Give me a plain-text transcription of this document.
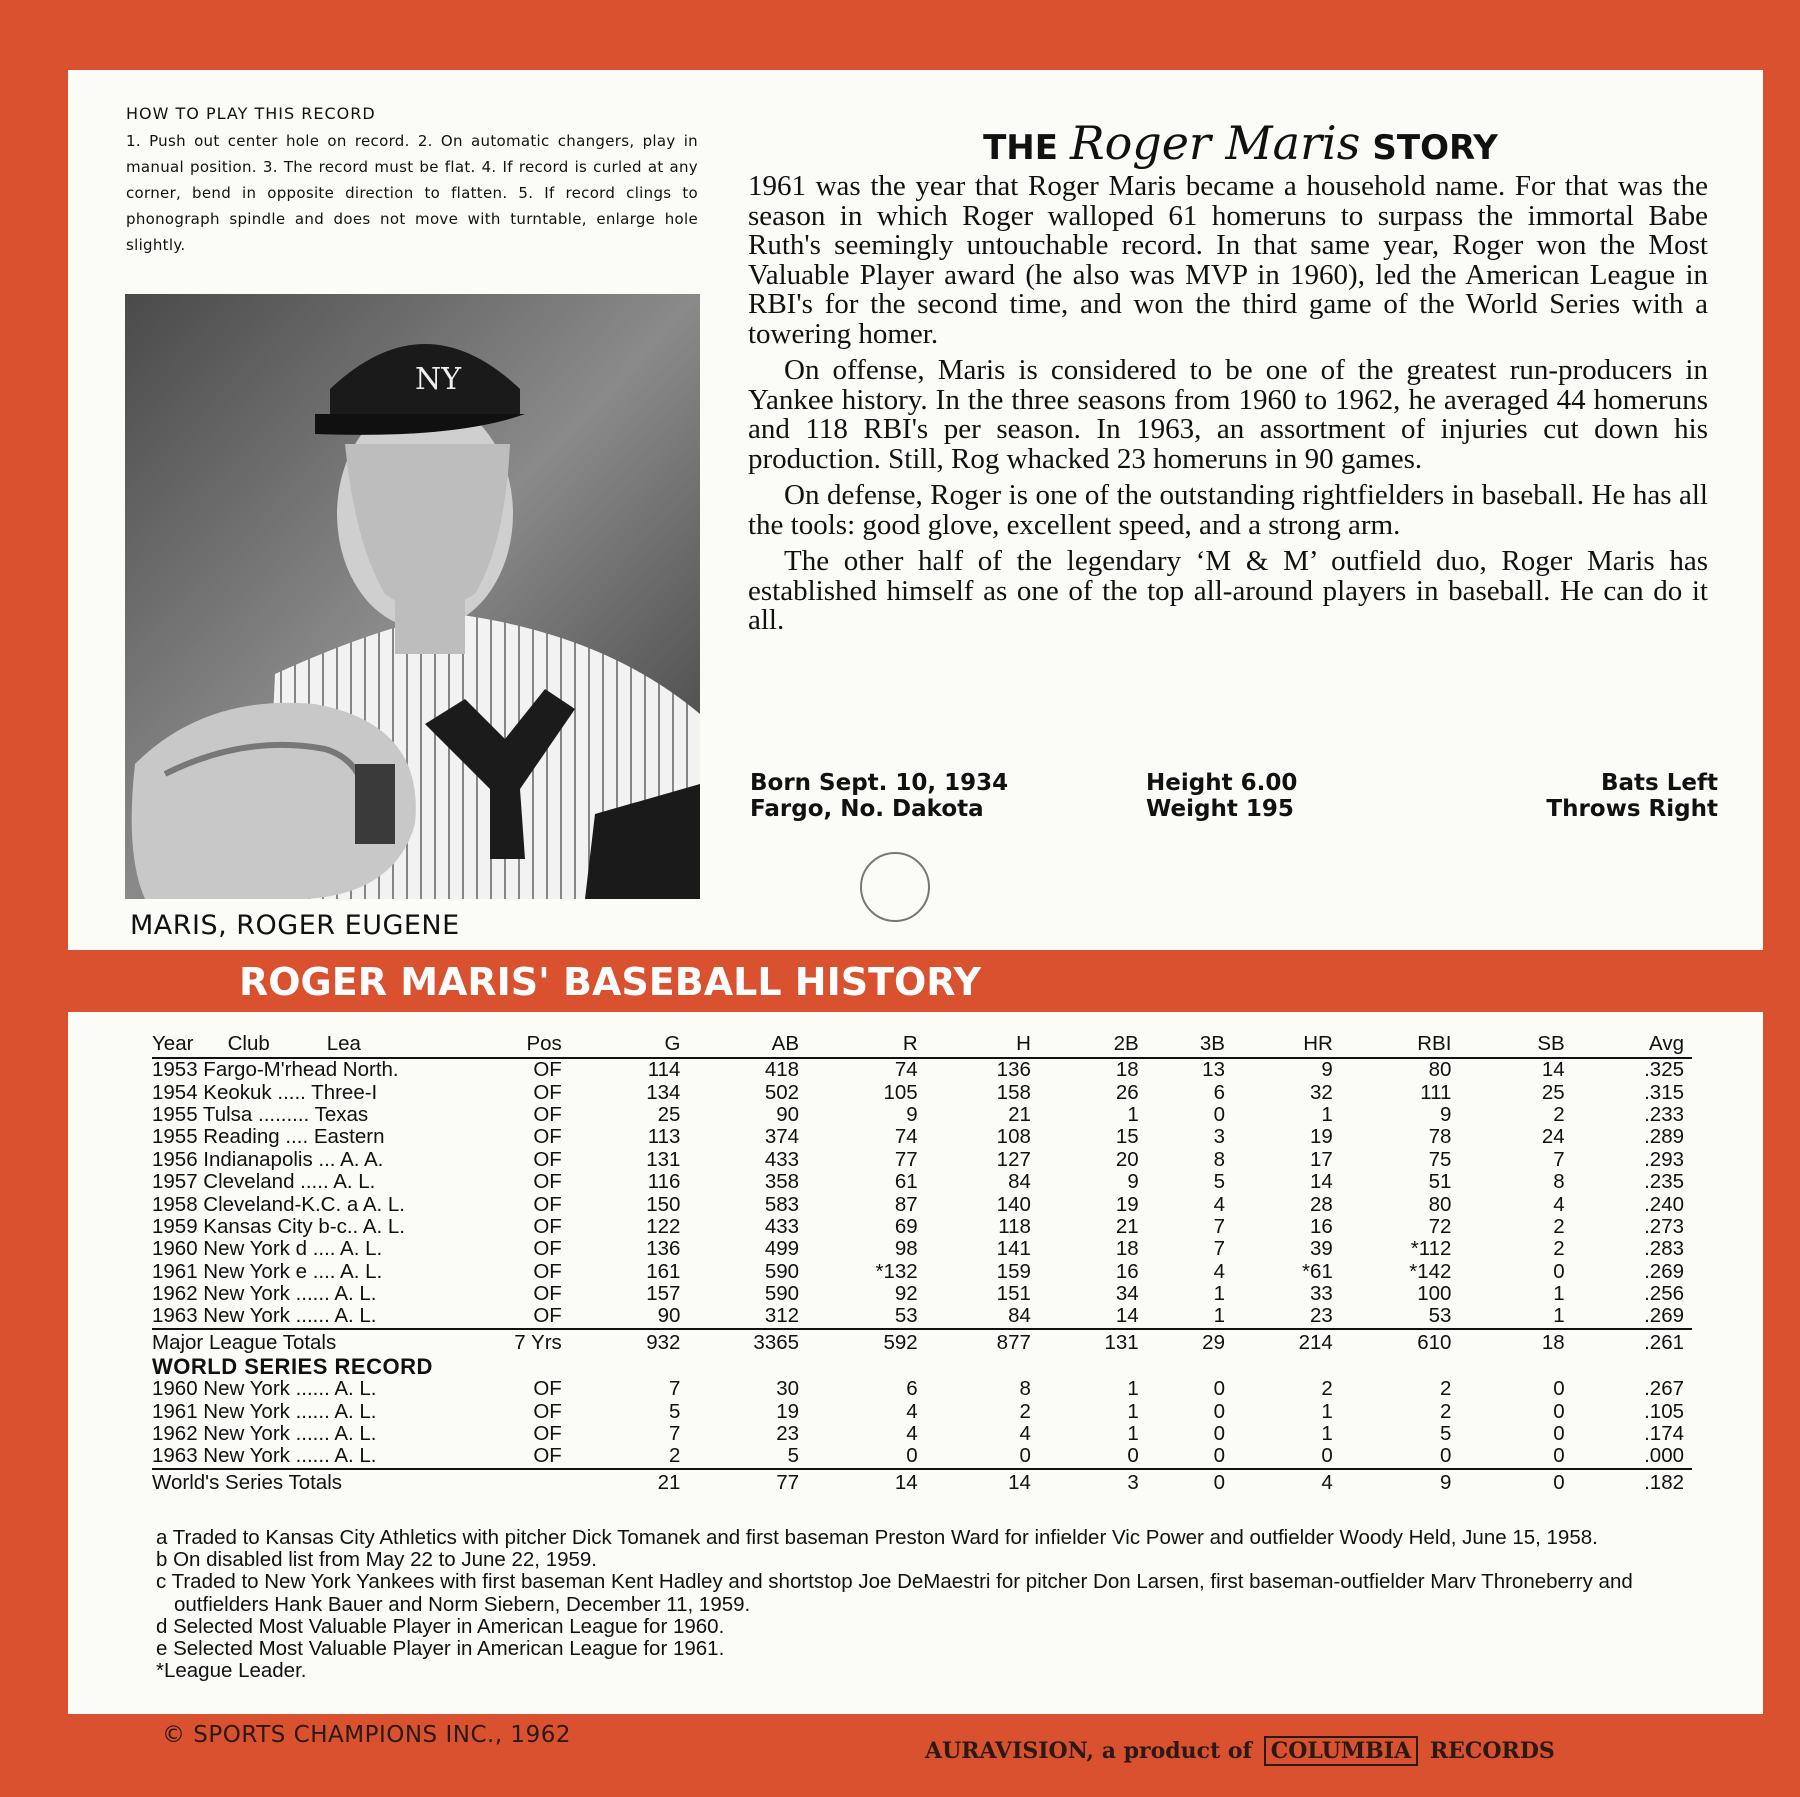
HOW TO PLAY THIS RECORD
1. Push out center hole on record. 2. On automatic changers, play in manual position. 3. The record must be flat. 4. If record is curled at any corner, bend in opposite direction to flatten. 5. If record clings to phonograph spindle and does not move with turntable, enlarge hole slightly.
NY
MARIS, ROGER EUGENE
THE Roger Maris STORY

1961 was the year that Roger Maris became a household name. For that was the season in which Roger walloped 61 homeruns to surpass the immortal Babe Ruth's seemingly untouchable record. In that same year, Roger won the Most Valuable Player award (he also was MVP in 1960), led the American League in RBI's for the second time, and won the third game of the World Series with a towering homer.

On offense, Maris is considered to be one of the greatest run-producers in Yankee history. In the three seasons from 1960 to 1962, he averaged 44 homeruns and 118 RBI's per season. In 1963, an assortment of injuries cut down his production. Still, Rog whacked 23 homeruns in 90 games.

On defense, Roger is one of the outstanding rightfielders in baseball. He has all the tools: good glove, excellent speed, and a strong arm.

The other half of the legendary ‘M & M’ outfield duo, Roger Maris has established himself as one of the top all-around players in baseball. He can do it all.

Born Sept. 10, 1934
Fargo, No. Dakota
Height 6.00
Weight 195
Bats Left
Throws Right
ROGER MARIS' BASEBALL HISTORY
Year      Club          Lea	Pos	G	AB	R	H	2B	3B	HR	RBI	SB	Avg
1953 Fargo-M'rhead North.	OF	114	418	74	136	18	13	9	80	14	.325
1954 Keokuk ..... Three-I	OF	134	502	105	158	26	6	32	111	25	.315
1955 Tulsa ......... Texas	OF	25	90	9	21	1	0	1	9	2	.233
1955 Reading .... Eastern	OF	113	374	74	108	15	3	19	78	24	.289
1956 Indianapolis ... A. A.	OF	131	433	77	127	20	8	17	75	7	.293
1957 Cleveland ..... A. L.	OF	116	358	61	84	9	5	14	51	8	.235
1958 Cleveland-K.C. a A. L.	OF	150	583	87	140	19	4	28	80	4	.240
1959 Kansas City b-c.. A. L.	OF	122	433	69	118	21	7	16	72	2	.273
1960 New York d .... A. L.	OF	136	499	98	141	18	7	39	*112	2	.283
1961 New York e .... A. L.	OF	161	590	*132	159	16	4	*61	*142	0	.269
1962 New York ...... A. L.	OF	157	590	92	151	34	1	33	100	1	.256
1963 New York ...... A. L.	OF	90	312	53	84	14	1	23	53	1	.269
Major League Totals	7 Yrs	932	3365	592	877	131	29	214	610	18	.261
WORLD SERIES RECORD											
1960 New York ...... A. L.	OF	7	30	6	8	1	0	2	2	0	.267
1961 New York ...... A. L.	OF	5	19	4	2	1	0	1	2	0	.105
1962 New York ...... A. L.	OF	7	23	4	4	1	0	1	5	0	.174
1963 New York ...... A. L.	OF	2	5	0	0	0	0	0	0	0	.000
World's Series Totals		21	77	14	14	3	0	4	9	0	.182
a Traded to Kansas City Athletics with pitcher Dick Tomanek and first baseman Preston Ward for infielder Vic Power and outfielder Woody Held, June 15, 1958.
b On disabled list from May 22 to June 22, 1959.
c Traded to New York Yankees with first baseman Kent Hadley and shortstop Joe DeMaestri for pitcher Don Larsen, first baseman-outfielder Marv Throneberry and outfielders Hank Bauer and Norm Siebern, December 11, 1959.
d Selected Most Valuable Player in American League for 1960.
e Selected Most Valuable Player in American League for 1961.
*League Leader.
© SPORTS CHAMPIONS INC., 1962
AURAVISION, a product of COLUMBIA RECORDS
